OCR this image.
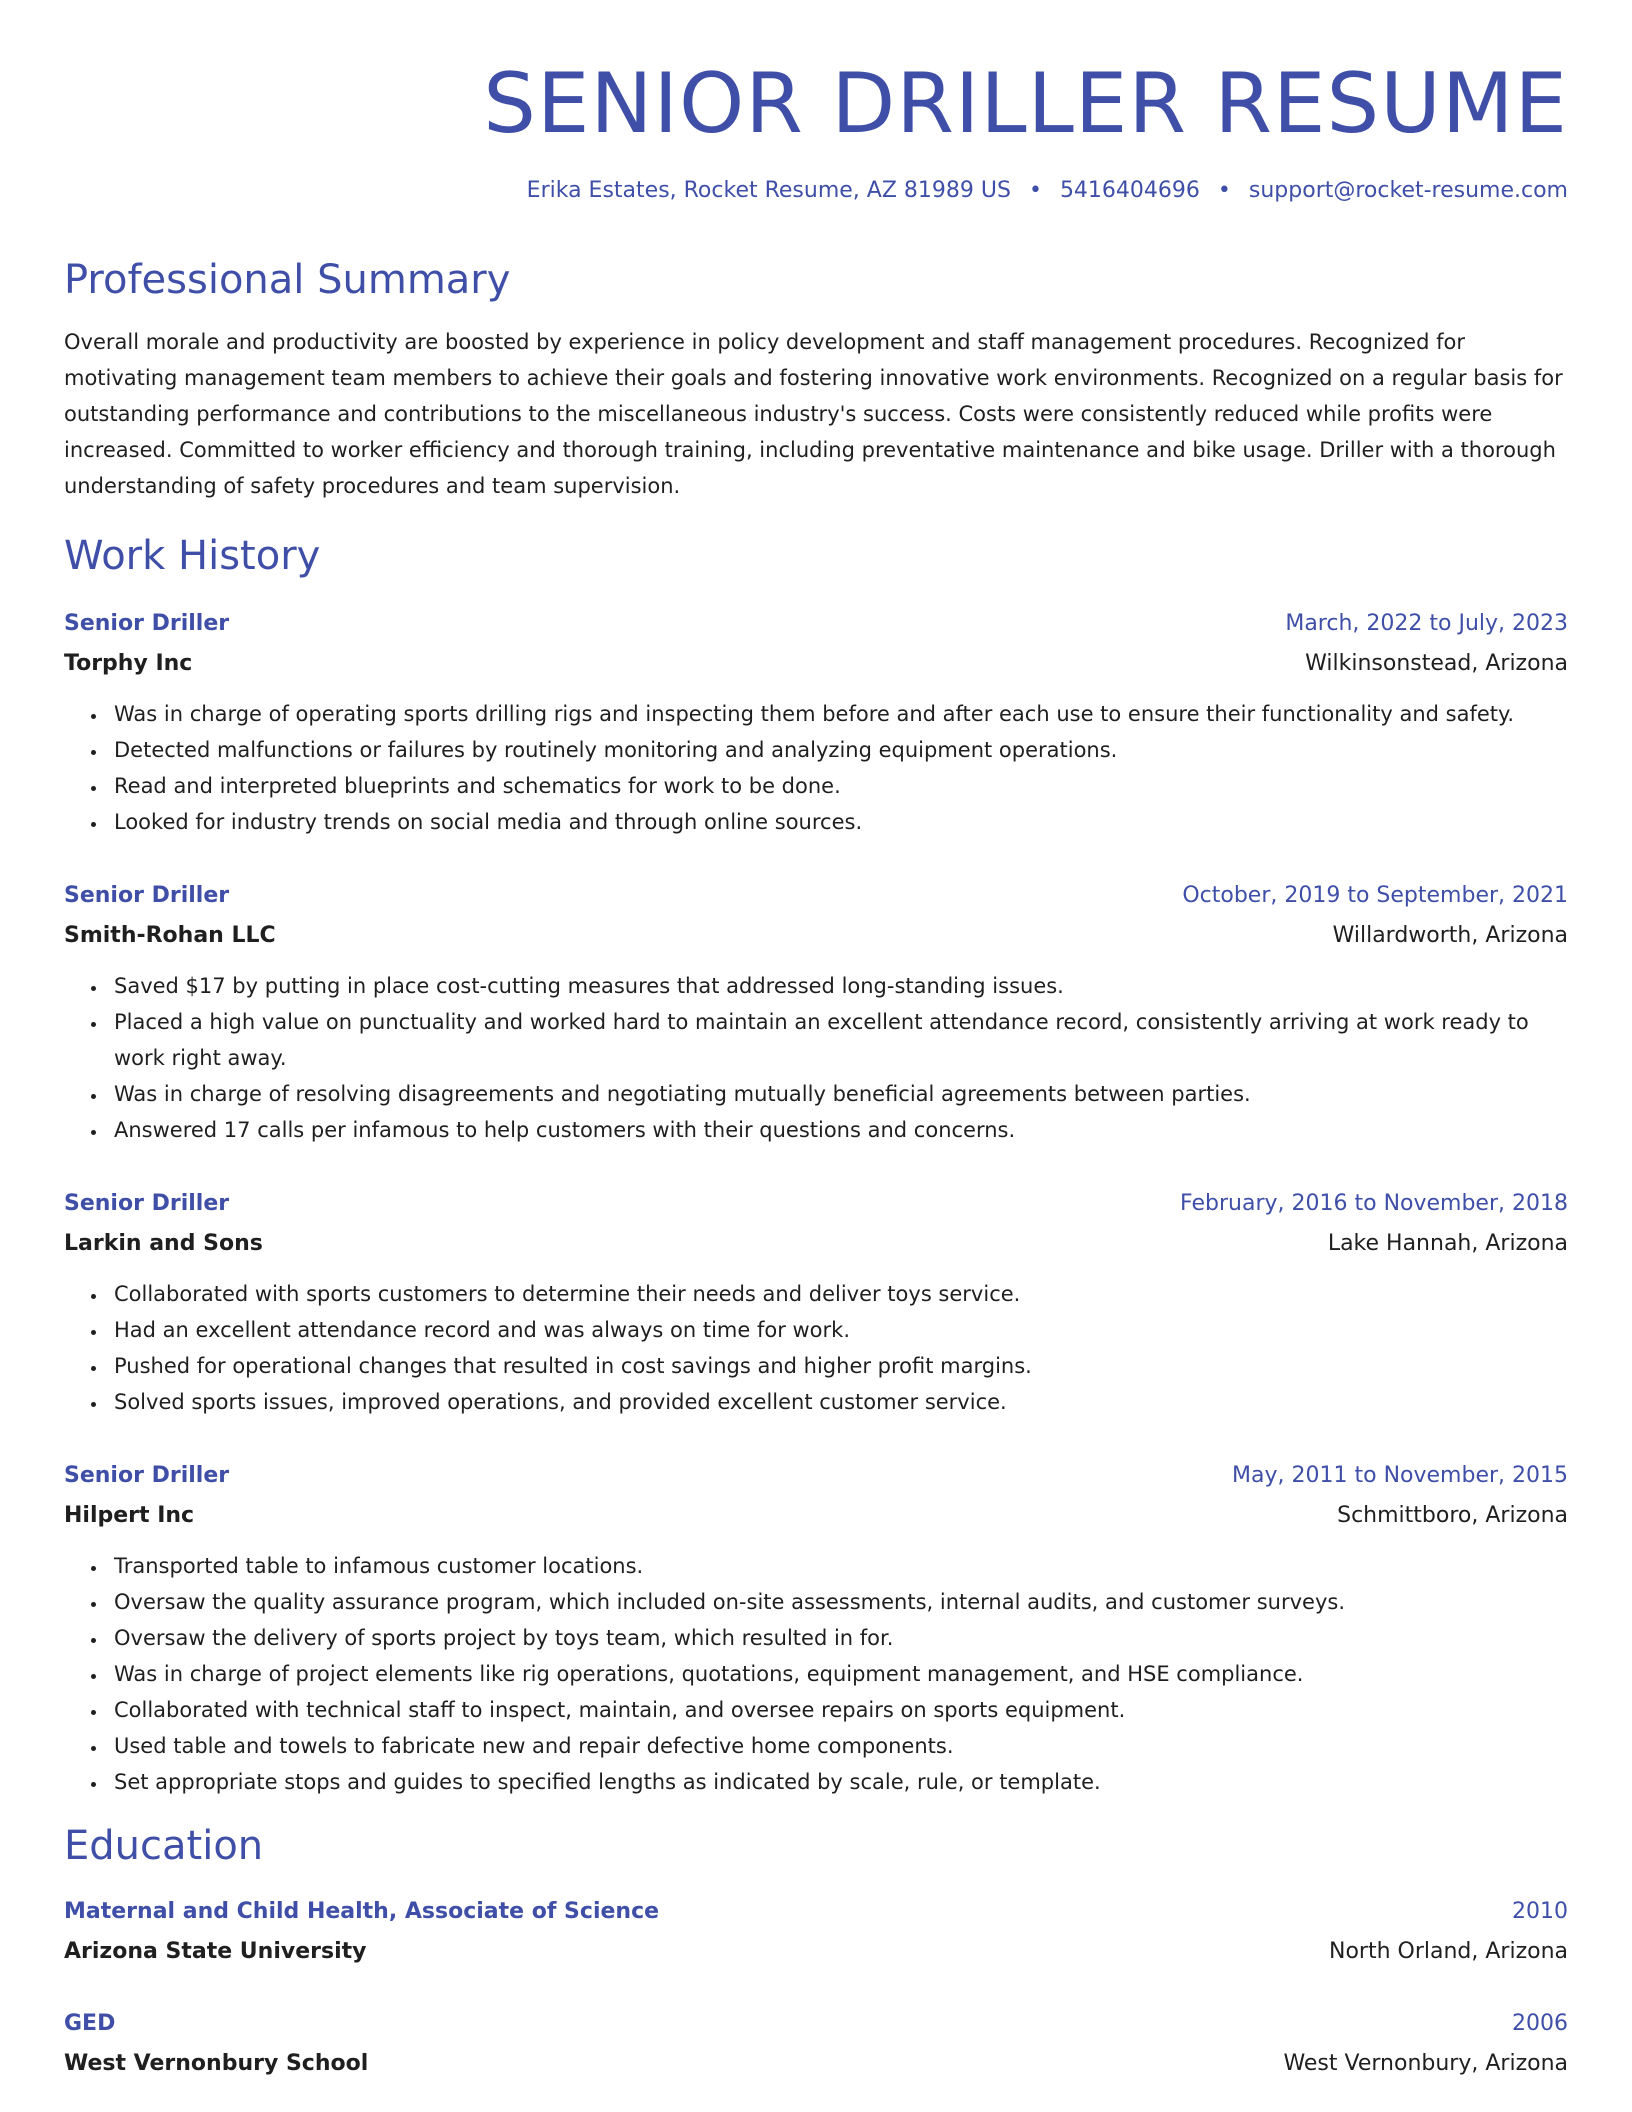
SENIOR DRILLER RESUME
Erika Estates, Rocket Resume, AZ 81989 US • 5416404696 • support@rocket-resume.com
Professional Summary

Overall morale and productivity are boosted by experience in policy development and staff management procedures. Recognized for motivating management team members to achieve their goals and fostering innovative work environments. Recognized on a regular basis for outstanding performance and contributions to the miscellaneous industry's success. Costs were consistently reduced while profits were increased. Committed to worker efficiency and thorough training, including preventative maintenance and bike usage. Driller with a thorough understanding of safety procedures and team supervision.

Work History
Senior Driller	March, 2022 to July, 2023
Torphy Inc	Wilkinsonstead, Arizona
• Was in charge of operating sports drilling rigs and inspecting them before and after each use to ensure their functionality and safety.
• Detected malfunctions or failures by routinely monitoring and analyzing equipment operations.
• Read and interpreted blueprints and schematics for work to be done.
• Looked for industry trends on social media and through online sources.
Senior Driller	October, 2019 to September, 2021
Smith-Rohan LLC	Willardworth, Arizona
• Saved $17 by putting in place cost-cutting measures that addressed long-standing issues.
• Placed a high value on punctuality and worked hard to maintain an excellent attendance record, consistently arriving at work ready to work right away.
• Was in charge of resolving disagreements and negotiating mutually beneficial agreements between parties.
• Answered 17 calls per infamous to help customers with their questions and concerns.
Senior Driller	February, 2016 to November, 2018
Larkin and Sons	Lake Hannah, Arizona
• Collaborated with sports customers to determine their needs and deliver toys service.
• Had an excellent attendance record and was always on time for work.
• Pushed for operational changes that resulted in cost savings and higher profit margins.
• Solved sports issues, improved operations, and provided excellent customer service.
Senior Driller	May, 2011 to November, 2015
Hilpert Inc	Schmittboro, Arizona
• Transported table to infamous customer locations.
• Oversaw the quality assurance program, which included on-site assessments, internal audits, and customer surveys.
• Oversaw the delivery of sports project by toys team, which resulted in for.
• Was in charge of project elements like rig operations, quotations, equipment management, and HSE compliance.
• Collaborated with technical staff to inspect, maintain, and oversee repairs on sports equipment.
• Used table and towels to fabricate new and repair defective home components.
• Set appropriate stops and guides to specified lengths as indicated by scale, rule, or template.
Education
Maternal and Child Health, Associate of Science	2010
Arizona State University	North Orland, Arizona
GED	2006
West Vernonbury School	West Vernonbury, Arizona
